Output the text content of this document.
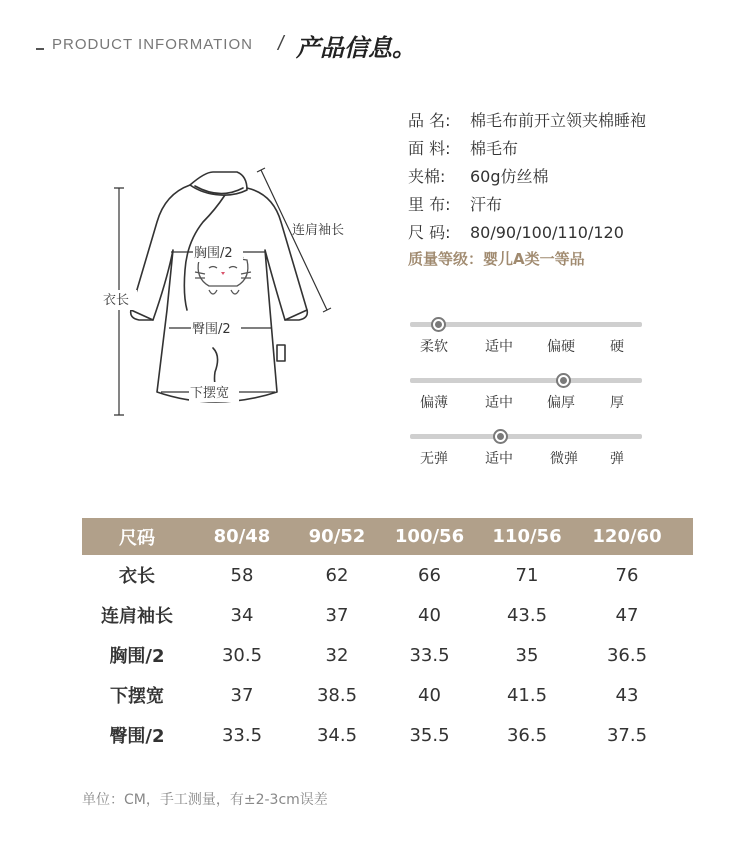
PRODUCT INFORMATION / 产品信息。
胸围/2
臀围/2
下摆宽
衣长
连肩袖长
品 名: 棉毛布前开立领夹棉睡袍
面 料: 棉毛布
夹棉: 60g仿丝棉
里 布: 汗布
尺 码: 80/90/100/110/120
质量等级：婴儿A类一等品
柔软	适中 偏硬	硬
偏薄	适中 偏厚	厚
无弹	适中	微弹 弹
尺码	80/48	90/52	100/56	110/56	120/60
衣长	58	62	66	71	76
连肩袖长	34	37	40	43.5	47
胸围/2	30.5	32	33.5	35	36.5
下摆宽	37	38.5	40	41.5	43
臀围/2	33.5	34.5	35.5	36.5	37.5
单位：CM，手工测量，有±2-3cm误差
